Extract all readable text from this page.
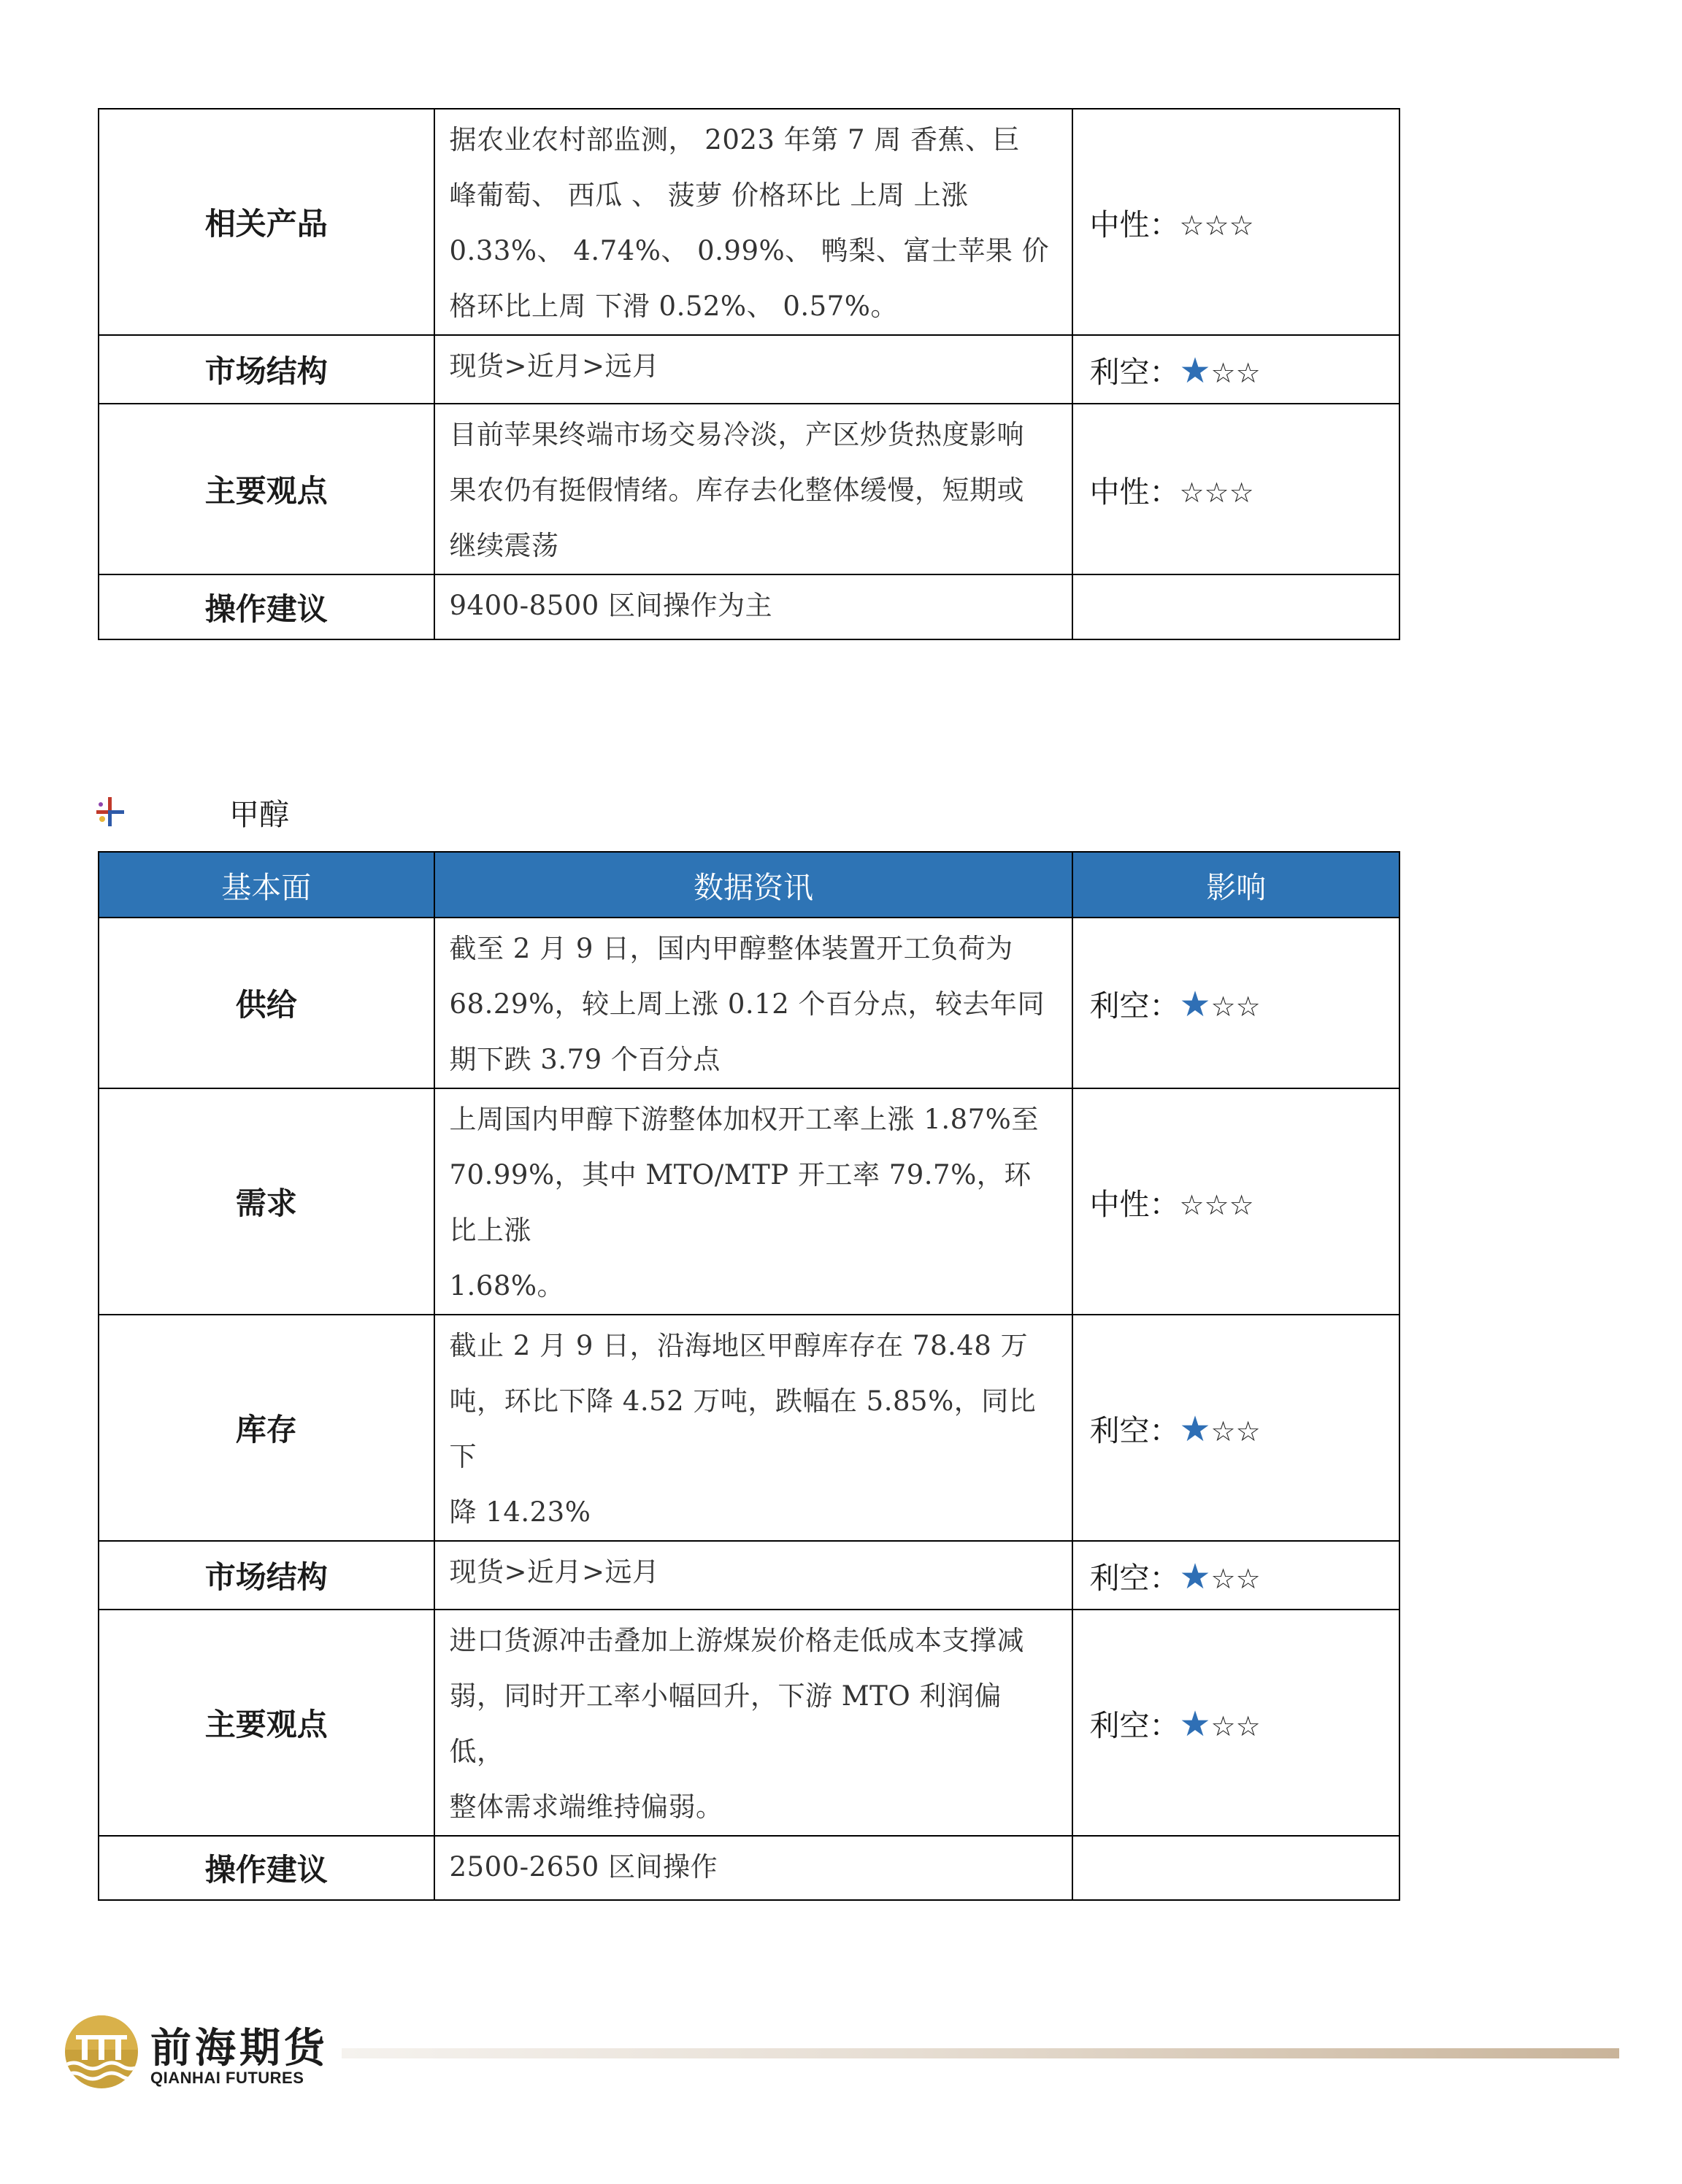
相关产品	据农业农村部监测， 2023 年第 7 周 香蕉、巨
峰葡萄、 西瓜 、 菠萝 价格环比 上周 上涨
0.33%、 4.74%、 0.99%、 鸭梨、富士苹果 价
格环比上周 下滑 0.52%、 0.57%。	中性：☆☆☆

市场结构	现货>近月>远月	利空：★☆☆

主要观点	目前苹果终端市场交易冷淡，产区炒货热度影响
果农仍有挺假情绪。库存去化整体缓慢，短期或
继续震荡	中性：☆☆☆

操作建议	9400-8500 区间操作为主	

甲醇
基本面	数据资讯	影响
供给	截至 2 月 9 日，国内甲醇整体装置开工负荷为
68.29%，较上周上涨 0.12 个百分点，较去年同
期下跌 3.79 个百分点	利空：★☆☆

需求	上周国内甲醇下游整体加权开工率上涨 1.87%至
70.99%，其中 MTO/MTP 开工率 79.7%，环比上涨
1.68%。	中性：☆☆☆

库存	截止 2 月 9 日，沿海地区甲醇库存在 78.48 万
吨，环比下降 4.52 万吨，跌幅在 5.85%，同比下
降 14.23%	利空：★☆☆

市场结构	现货>近月>远月	利空：★☆☆

主要观点	进口货源冲击叠加上游煤炭价格走低成本支撑减
弱，同时开工率小幅回升，下游 MTO 利润偏低，
整体需求端维持偏弱。	利空：★☆☆

操作建议	2500-2650 区间操作	

前海期货
QIANHAI FUTURES
